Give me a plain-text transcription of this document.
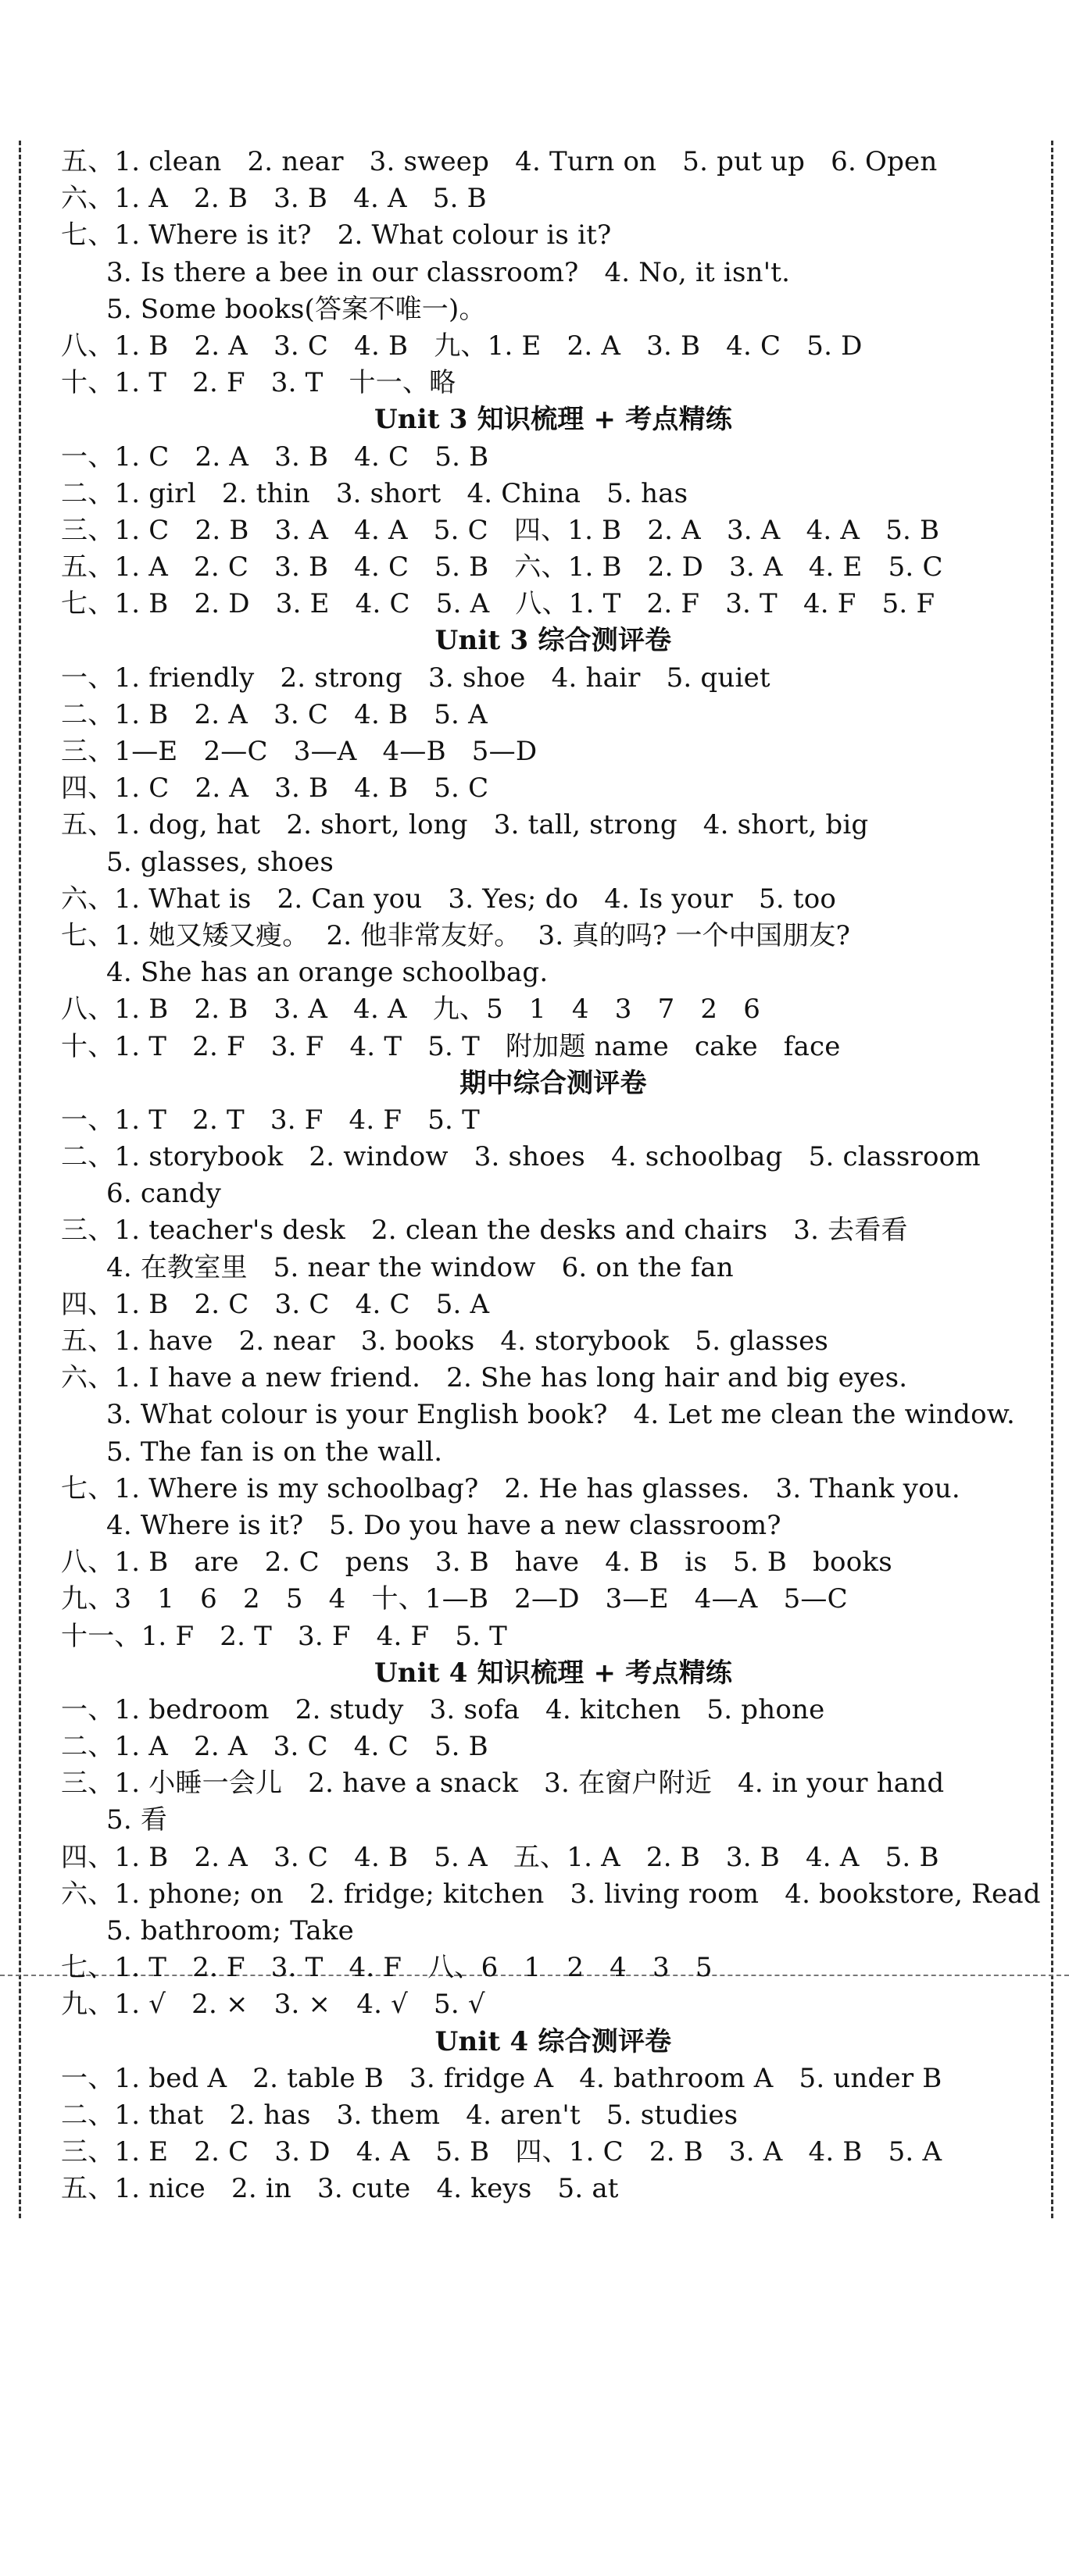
五、1. clean   2. near   3. sweep   4. Turn on   5. put up   6. Open
六、1. A   2. B   3. B   4. A   5. B
七、1. Where is it?   2. What colour is it?
3. Is there a bee in our classroom?   4. No, it isn't.
5. Some books(答案不唯一)。
八、1. B   2. A   3. C   4. B   九、1. E   2. A   3. B   4. C   5. D
十、1. T   2. F   3. T   十一、略
Unit 3 知识梳理 + 考点精练
一、1. C   2. A   3. B   4. C   5. B
二、1. girl   2. thin   3. short   4. China   5. has
三、1. C   2. B   3. A   4. A   5. C   四、1. B   2. A   3. A   4. A   5. B
五、1. A   2. C   3. B   4. C   5. B   六、1. B   2. D   3. A   4. E   5. C
七、1. B   2. D   3. E   4. C   5. A   八、1. T   2. F   3. T   4. F   5. F
Unit 3 综合测评卷
一、1. friendly   2. strong   3. shoe   4. hair   5. quiet
二、1. B   2. A   3. C   4. B   5. A
三、1—E   2—C   3—A   4—B   5—D
四、1. C   2. A   3. B   4. B   5. C
五、1. dog, hat   2. short, long   3. tall, strong   4. short, big
5. glasses, shoes
六、1. What is   2. Can you   3. Yes; do   4. Is your   5. too
七、1. 她又矮又瘦。  2. 他非常友好。  3. 真的吗? 一个中国朋友?
4. She has an orange schoolbag.
八、1. B   2. B   3. A   4. A   九、5   1   4   3   7   2   6
十、1. T   2. F   3. F   4. T   5. T   附加题 name   cake   face
期中综合测评卷
一、1. T   2. T   3. F   4. F   5. T
二、1. storybook   2. window   3. shoes   4. schoolbag   5. classroom
6. candy
三、1. teacher's desk   2. clean the desks and chairs   3. 去看看
4. 在教室里   5. near the window   6. on the fan
四、1. B   2. C   3. C   4. C   5. A
五、1. have   2. near   3. books   4. storybook   5. glasses
六、1. I have a new friend.   2. She has long hair and big eyes.
3. What colour is your English book?   4. Let me clean the window.
5. The fan is on the wall.
七、1. Where is my schoolbag?   2. He has glasses.   3. Thank you.
4. Where is it?   5. Do you have a new classroom?
八、1. B   are   2. C   pens   3. B   have   4. B   is   5. B   books
九、3   1   6   2   5   4   十、1—B   2—D   3—E   4—A   5—C
十一、1. F   2. T   3. F   4. F   5. T
Unit 4 知识梳理 + 考点精练
一、1. bedroom   2. study   3. sofa   4. kitchen   5. phone
二、1. A   2. A   3. C   4. C   5. B
三、1. 小睡一会儿   2. have a snack   3. 在窗户附近   4. in your hand
5. 看
四、1. B   2. A   3. C   4. B   5. A   五、1. A   2. B   3. B   4. A   5. B
六、1. phone; on   2. fridge; kitchen   3. living room   4. bookstore, Read
5. bathroom; Take
七、1. T   2. F   3. T   4. F   八、6   1   2   4   3   5
九、1. √   2. ×   3. ×   4. √   5. √
Unit 4 综合测评卷
一、1. bed A   2. table B   3. fridge A   4. bathroom A   5. under B
二、1. that   2. has   3. them   4. aren't   5. studies
三、1. E   2. C   3. D   4. A   5. B   四、1. C   2. B   3. A   4. B   5. A
五、1. nice   2. in   3. cute   4. keys   5. at
